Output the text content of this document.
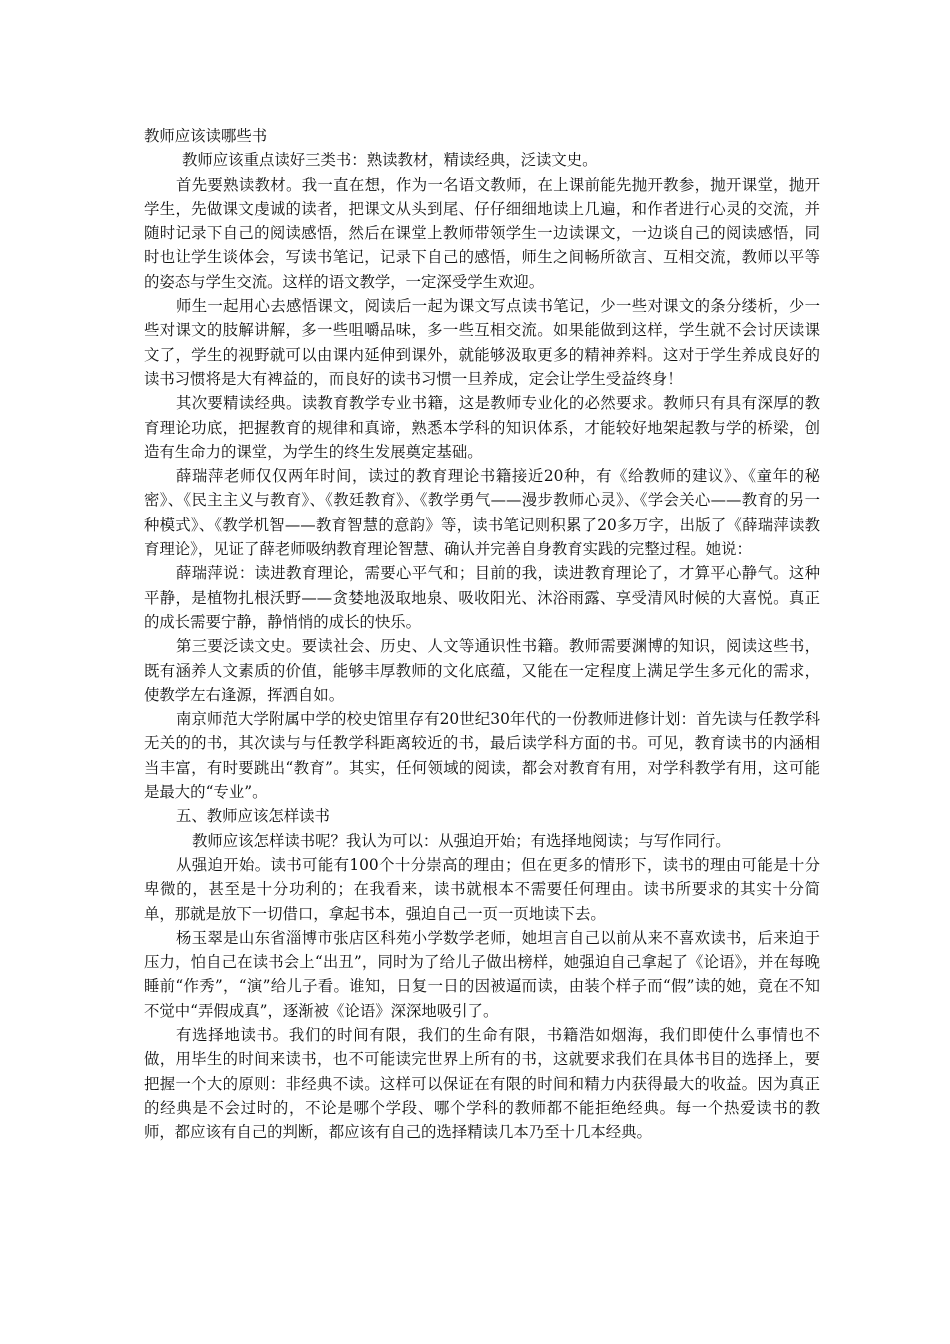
教师应该读哪些书

教师应该重点读好三类书：熟读教材，精读经典，泛读文史。

首先要熟读教材。我一直在想，作为一名语文教师，在上课前能先抛开教参，抛开课堂，抛开学生，先做课文虔诚的读者，把课文从头到尾、仔仔细细地读上几遍，和作者进行心灵的交流，并随时记录下自己的阅读感悟，然后在课堂上教师带领学生一边读课文，一边谈自己的阅读感悟，同时也让学生谈体会，写读书笔记，记录下自己的感悟，师生之间畅所欲言、互相交流，教师以平等的姿态与学生交流。这样的语文教学，一定深受学生欢迎。

师生一起用心去感悟课文，阅读后一起为课文写点读书笔记，少一些对课文的条分缕析，少一些对课文的肢解讲解，多一些咀嚼品味，多一些互相交流。如果能做到这样，学生就不会讨厌读课文了，学生的视野就可以由课内延伸到课外，就能够汲取更多的精神养料。这对于学生养成良好的读书习惯将是大有裨益的，而良好的读书习惯一旦养成，定会让学生受益终身！

其次要精读经典。读教育教学专业书籍，这是教师专业化的必然要求。教师只有具有深厚的教育理论功底，把握教育的规律和真谛，熟悉本学科的知识体系，才能较好地架起教与学的桥梁，创造有生命力的课堂，为学生的终生发展奠定基础。

薛瑞萍老师仅仅两年时间，读过的教育理论书籍接近20种，有《给教师的建议》、《童年的秘密》、《民主主义与教育》、《教廷教育》、《教学勇气——漫步教师心灵》、《学会关心——教育的另一种模式》、《教学机智——教育智慧的意韵》等，读书笔记则积累了20多万字，出版了《薛瑞萍读教育理论》，见证了薛老师吸纳教育理论智慧、确认并完善自身教育实践的完整过程。她说：

薛瑞萍说：读进教育理论，需要心平气和；目前的我，读进教育理论了，才算平心静气。这种平静，是植物扎根沃野——贪婪地汲取地泉、吸收阳光、沐浴雨露、享受清风时候的大喜悦。真正的成长需要宁静，静悄悄的成长的快乐。

第三要泛读文史。要读社会、历史、人文等通识性书籍。教师需要渊博的知识，阅读这些书，既有涵养人文素质的价值，能够丰厚教师的文化底蕴，又能在一定程度上满足学生多元化的需求，使教学左右逢源，挥洒自如。

南京师范大学附属中学的校史馆里存有20世纪30年代的一份教师进修计划：首先读与任教学科无关的的书，其次读与与任教学科距离较近的书，最后读学科方面的书。可见，教育读书的内涵相当丰富，有时要跳出“教育”。其实，任何领域的阅读，都会对教育有用，对学科教学有用，这可能是最大的“专业”。

五、教师应该怎样读书

教师应该怎样读书呢？我认为可以：从强迫开始；有选择地阅读；与写作同行。

从强迫开始。读书可能有100个十分崇高的理由；但在更多的情形下，读书的理由可能是十分卑微的，甚至是十分功利的；在我看来，读书就根本不需要任何理由。读书所要求的其实十分简单，那就是放下一切借口，拿起书本，强迫自己一页一页地读下去。

杨玉翠是山东省淄博市张店区科苑小学数学老师，她坦言自己以前从来不喜欢读书，后来迫于压力，怕自己在读书会上“出丑”，同时为了给儿子做出榜样，她强迫自己拿起了《论语》，并在每晚睡前“作秀”，“演”给儿子看。谁知，日复一日的因被逼而读，由装个样子而“假”读的她，竟在不知不觉中“弄假成真”，逐渐被《论语》深深地吸引了。

有选择地读书。我们的时间有限，我们的生命有限，书籍浩如烟海，我们即使什么事情也不做，用毕生的时间来读书，也不可能读完世界上所有的书，这就要求我们在具体书目的选择上，要把握一个大的原则：非经典不读。这样可以保证在有限的时间和精力内获得最大的收益。因为真正的经典是不会过时的，不论是哪个学段、哪个学科的教师都不能拒绝经典。每一个热爱读书的教师，都应该有自己的判断，都应该有自己的选择精读几本乃至十几本经典。
